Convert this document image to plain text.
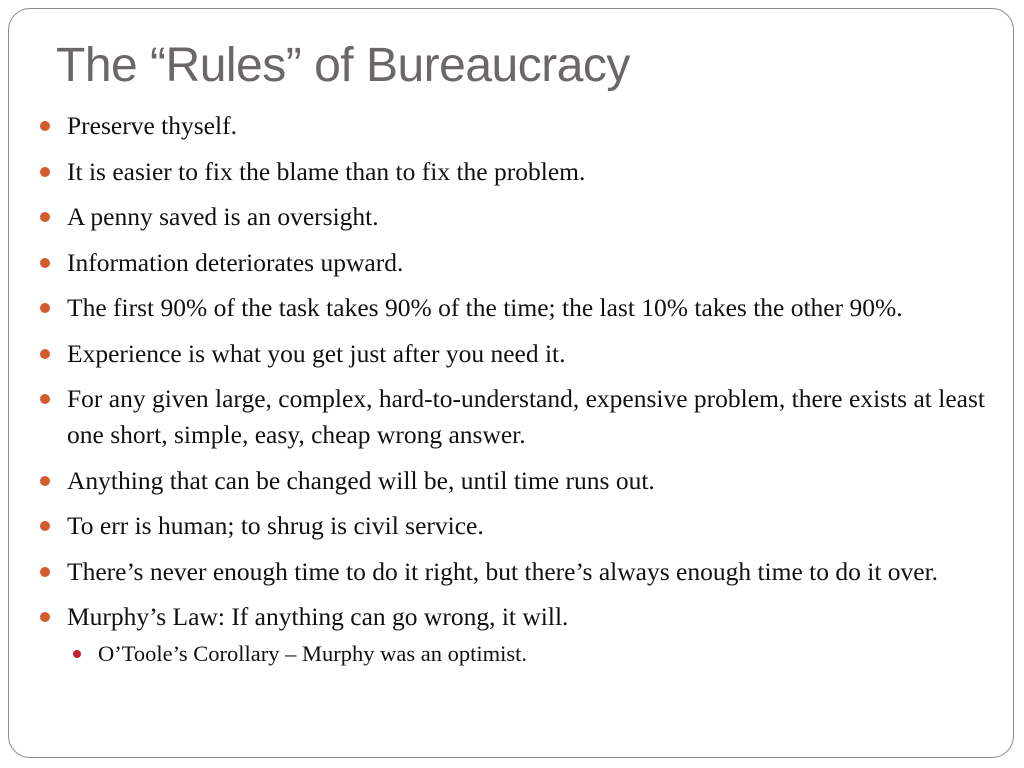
The “Rules” of Bureaucracy
Preserve thyself.
It is easier to fix the blame than to fix the problem.
A penny saved is an oversight.
Information deteriorates upward.
The first 90% of the task takes 90% of the time; the last 10% takes the other 90%.
Experience is what you get just after you need it.
For any given large, complex, hard-to-understand, expensive problem, there exists at least one short, simple, easy, cheap wrong answer.
Anything that can be changed will be, until time runs out.
To err is human; to shrug is civil service.
There’s never enough time to do it right, but there’s always enough time to do it over.
Murphy’s Law: If anything can go wrong, it will.
O’Toole’s Corollary – Murphy was an optimist.
